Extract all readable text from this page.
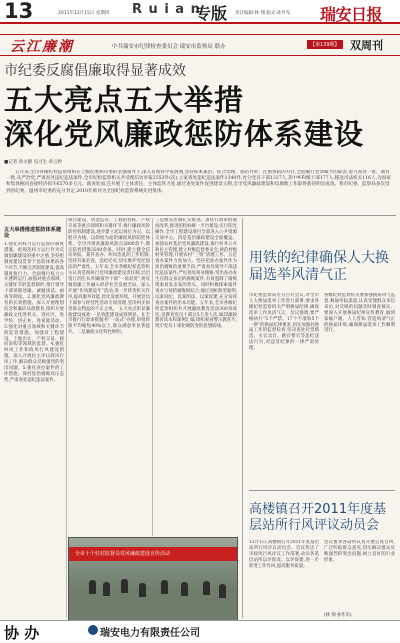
13	2011年12月15日 星期四 R u i a n
专版 责任编辑:林 翔 版式:孙作军 瑞安日报
云江廉潮	中共瑞安市纪律检查委员会 瑞安市监察局 联办	【第139期】 双周刊
市纪委反腐倡廉取得显著成效
五大亮点五大举措
深化党风廉政惩防体系建设
■记者 孙文静 见习生 章云婷
五年来,全市各级纪检监察组织在上级纪委和市委的坚强领导下,深入贯彻科学发展观,坚持标本兼治、综合治理、惩防并举、注重预防的方针,全面履行党章赋予的职责,着力查处一批、教育一批,从严治党,严肃查处违纪违法案件,全市纪检监察机关共受理信访举报2553件(次),立案查处违纪违法案件1340件,处分党员干部1337人,其中乡科级干部177人,移送司法机关116人,为国家和集体挽回直接经济损失6570多万元。就查处面,还开展了主体责任、主体监管力度,通过查处案件促进建章立制,全市党风廉政建设和反腐败工作取得新的明显成效。我市纪委、监察局多次受到省纪委、温州市纪委的充分肯定,2010年被评为全国纪检监察系统先进集体。
五大举措推进惩防体系建设
1.强化对权力运行监督的制度措施。把规范权力运行作为反腐倡廉建设的重中之重,坚持把制度建设贯穿于惩防体系的各个环节,不断完善制度建设,提高制度执行力。全面推行权力公开透明运行,加强对重点领域、关键环节的监督制约,推行领导干部述职述廉、诫勉谈话、函询等制度。2.强化党风廉政教育的长效措施。深入开展理想信念和廉洁从政教育,组织开展廉政文化进机关、进社区、进学校、进企业、进家庭活动。3.强化对重点领域和关键环节的监管措施。加强对工程建设、土地出让、产权交易、政府采购等领域的监督。4.强化纠风工作和政风行风建设措施。深入开展民主评议政风行风工作,解决群众反映强烈的突出问题。5.强化查办案件的工作措施。保持惩治腐败高压态势,严肃查处违纪违法案件。
项目建设、资金监管、工程招投标、产权交易等重点领域和关键环节,推行廉政风险防控机制建设,逐步建立起以岗位为点、以程序为线、以制度为面的廉政风险防控体系。全市共排查廉政风险点2800余个,制定防控措施3200余条。同时,建立健全信访举报、案件查办、纠风治乱的工作机制,坚持有案必查、违纪必究,切实维护党纪国法的严肃性。五年来,全市各级纪检监察机关认真贯彻执行党风廉政建设责任制,层层签订责任书,明确领导干部“一岗双责”,将反腐倡廉工作融入经济社会发展全局。深入开展“作风建设年”活动,进一步转变机关作风,提高服务效能,优化发展环境。开展党员干部参与经营性活动专项清理,坚决纠正损害群众利益的不正之风。 五大亮点彰显廉政建设成效 一是效能建设成效明显。在全市推行行政审批服务“一站式”办理,审批时限平均缩短40%以上,群众满意率显著提升。二是廉政文化特色鲜明。
三是源头治腐扎实推进。深化行政审批制度改革,推进招投标统一平台建设,实行阳光操作,全市工程建设项目全部进入公共资源交易中心。四是基层廉政建设全面覆盖。加强农村基层党风廉政建设,推行村务公开和民主管理,建立村级监督委员会,规范村级财务管理,开展农村“三资”清理工作。五是查办案件力度加大。坚持把查办案件作为惩治腐败的重要手段,严肃查处领导干部违纪违法案件,严厉惩处商业贿赂,突出查办发生在群众身边的腐败案件,有效遏制了腐败现象易发多发的势头。同时积极探索案件查办与预防腐败相结合,通过剖析典型案例,以案说纪、以案明法、以案促建,充分发挥查办案件的治本功能。五年来,全市各级纪检监察组织共开展廉政教育活动300余场次,受教育党员干部达5万余人次,编印廉政教育读本和案例汇编,组织观看警示教育片,筑牢党员干部拒腐防变的思想防线。
全市十个驻村监督员党风廉政建设宣传活动
用铁的纪律确保人大换届选举风清气正
市纪委监察局近日召开会议,对全市人大换届选举工作进行部署,要求各级纪检监察机关严明换届纪律,确保选举工作风清气正。会议强调,要严格执行“5个严禁、17个不准和5个一律”的换届纪律要求,切实加强对换届工作的监督检查,坚决查处拉票贿选、买官卖官、跑官要官等违纪违法行为,对违反纪律的一律严肃处理。
各级纪检监察机关要加强换届风气监督,畅通举报渠道,认真受理群众来信来访,对反映的问题及时调查核实。要深入开展换届纪律宣传教育,做到家喻户晓、人人皆知,营造风清气正的换届环境,确保换届选举工作顺利进行。
高楼镇召开2011年度基层站所行风评议动员会
12月1日,高楼镇召开2011年度基层站所行风评议动员会。会议传达了市政风行风评议工作部署,动员各基层站所以评促改、以评促建,进一步转变工作作风,提高服务质量。
会议要求各站所认真开展自查自纠,广泛听取群众意见,切实解决群众反映强烈的突出问题,树立良好的行业形象。
(林 翔 孙作军)
协 办	瑞安电力有限责任公司
